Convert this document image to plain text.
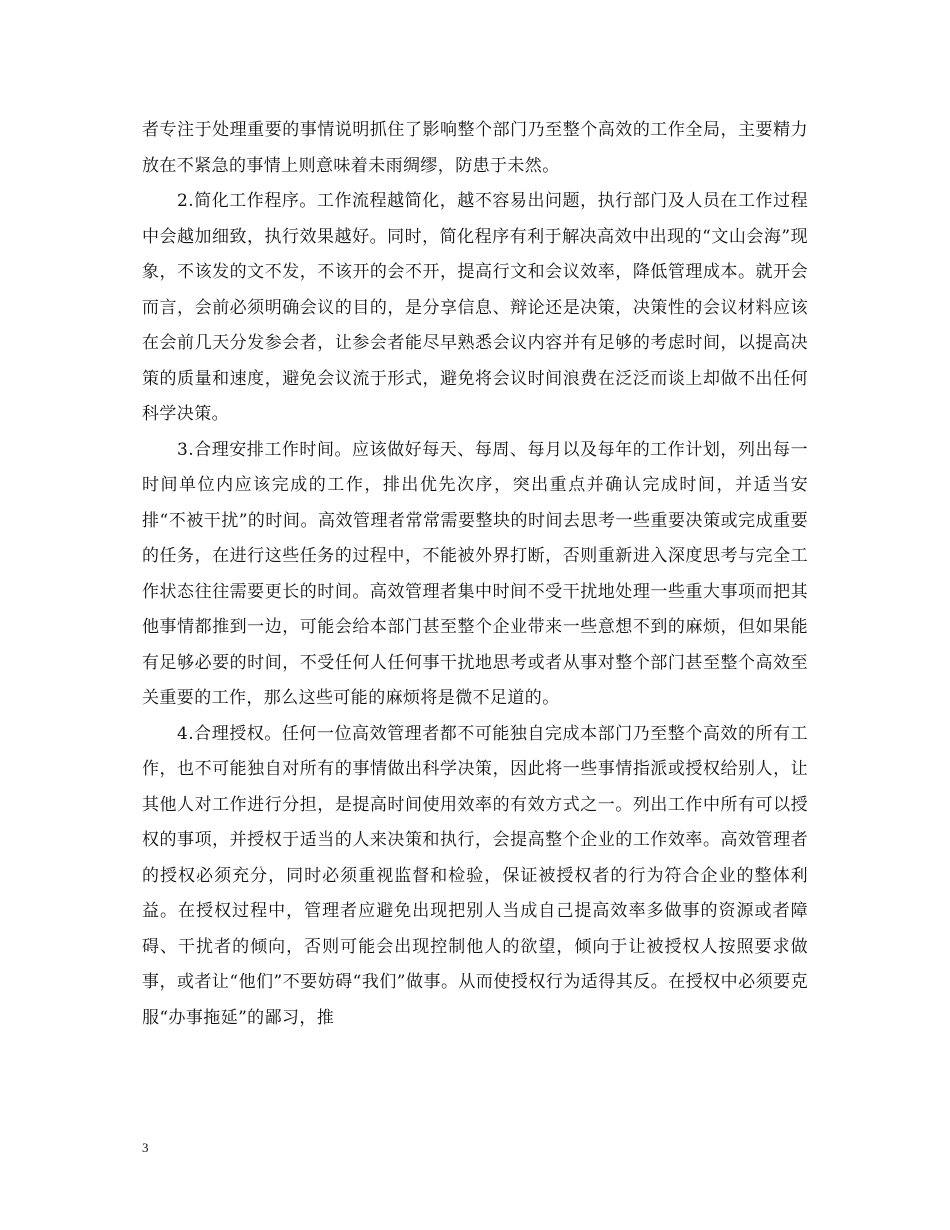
者专注于处理重要的事情说明抓住了影响整个部门乃至整个高效的工作全局，主要精力放在不紧急的事情上则意味着未雨绸缪，防患于未然。

2.简化工作程序。工作流程越简化，越不容易出问题，执行部门及人员在工作过程中会越加细致，执行效果越好。同时，简化程序有利于解决高效中出现的“文山会海”现象，不该发的文不发，不该开的会不开，提高行文和会议效率，降低管理成本。就开会而言，会前必须明确会议的目的，是分享信息、辩论还是决策，决策性的会议材料应该在会前几天分发参会者，让参会者能尽早熟悉会议内容并有足够的考虑时间，以提高决策的质量和速度，避免会议流于形式，避免将会议时间浪费在泛泛而谈上却做不出任何科学决策。

3.合理安排工作时间。应该做好每天、每周、每月以及每年的工作计划，列出每一时间单位内应该完成的工作，排出优先次序，突出重点并确认完成时间，并适当安排“不被干扰”的时间。高效管理者常常需要整块的时间去思考一些重要决策或完成重要的任务，在进行这些任务的过程中，不能被外界打断，否则重新进入深度思考与完全工作状态往往需要更长的时间。高效管理者集中时间不受干扰地处理一些重大事项而把其他事情都推到一边，可能会给本部门甚至整个企业带来一些意想不到的麻烦，但如果能有足够必要的时间，不受任何人任何事干扰地思考或者从事对整个部门甚至整个高效至关重要的工作，那么这些可能的麻烦将是微不足道的。

4.合理授权。任何一位高效管理者都不可能独自完成本部门乃至整个高效的所有工作，也不可能独自对所有的事情做出科学决策，因此将一些事情指派或授权给别人，让其他人对工作进行分担，是提高时间使用效率的有效方式之一。列出工作中所有可以授权的事项，并授权于适当的人来决策和执行，会提高整个企业的工作效率。高效管理者的授权必须充分，同时必须重视监督和检验，保证被授权者的行为符合企业的整体利益。在授权过程中，管理者应避免出现把别人当成自己提高效率多做事的资源或者障碍、干扰者的倾向，否则可能会出现控制他人的欲望，倾向于让被授权人按照要求做事，或者让“他们”不要妨碍“我们”做事。从而使授权行为适得其反。在授权中必须要克服“办事拖延”的鄙习，推

3
